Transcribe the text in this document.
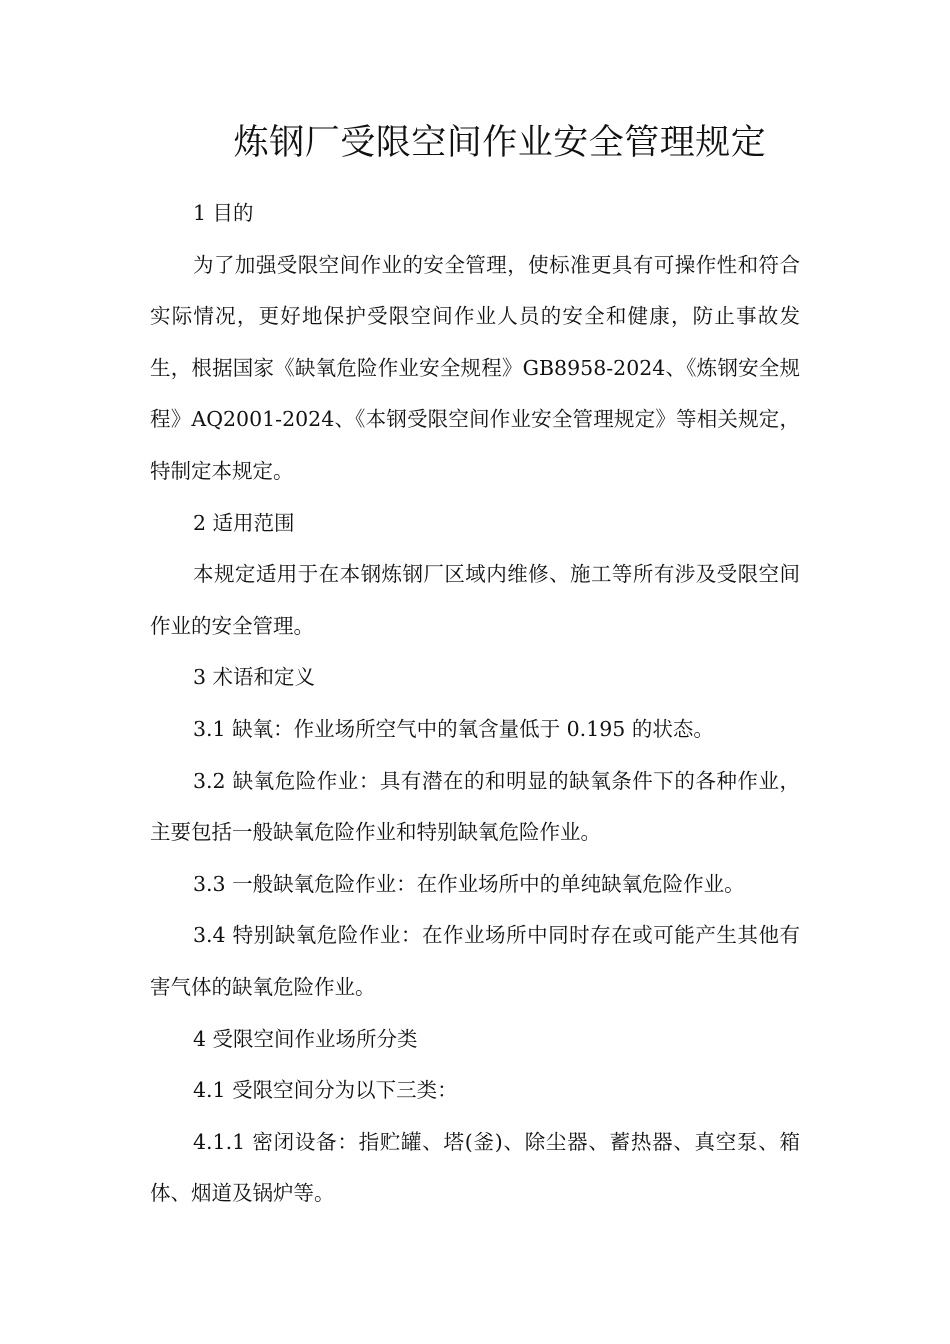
炼钢厂受限空间作业安全管理规定

1 目的

为了加强受限空间作业的安全管理，使标准更具有可操作性和符合实际情况，更好地保护受限空间作业人员的安全和健康，防止事故发生，根据国家《缺氧危险作业安全规程》GB8958-2024、《炼钢安全规程》AQ2001-2024、《本钢受限空间作业安全管理规定》等相关规定，特制定本规定。

2 适用范围

本规定适用于在本钢炼钢厂区域内维修、施工等所有涉及受限空间作业的安全管理。

3 术语和定义

3.1 缺氧：作业场所空气中的氧含量低于 0.195 的状态。

3.2 缺氧危险作业：具有潜在的和明显的缺氧条件下的各种作业，主要包括一般缺氧危险作业和特别缺氧危险作业。

3.3 一般缺氧危险作业：在作业场所中的单纯缺氧危险作业。

3.4 特别缺氧危险作业：在作业场所中同时存在或可能产生其他有害气体的缺氧危险作业。

4 受限空间作业场所分类

4.1 受限空间分为以下三类：

4.1.1 密闭设备：指贮罐、塔(釜)、除尘器、蓄热器、真空泵、箱体、烟道及锅炉等。
